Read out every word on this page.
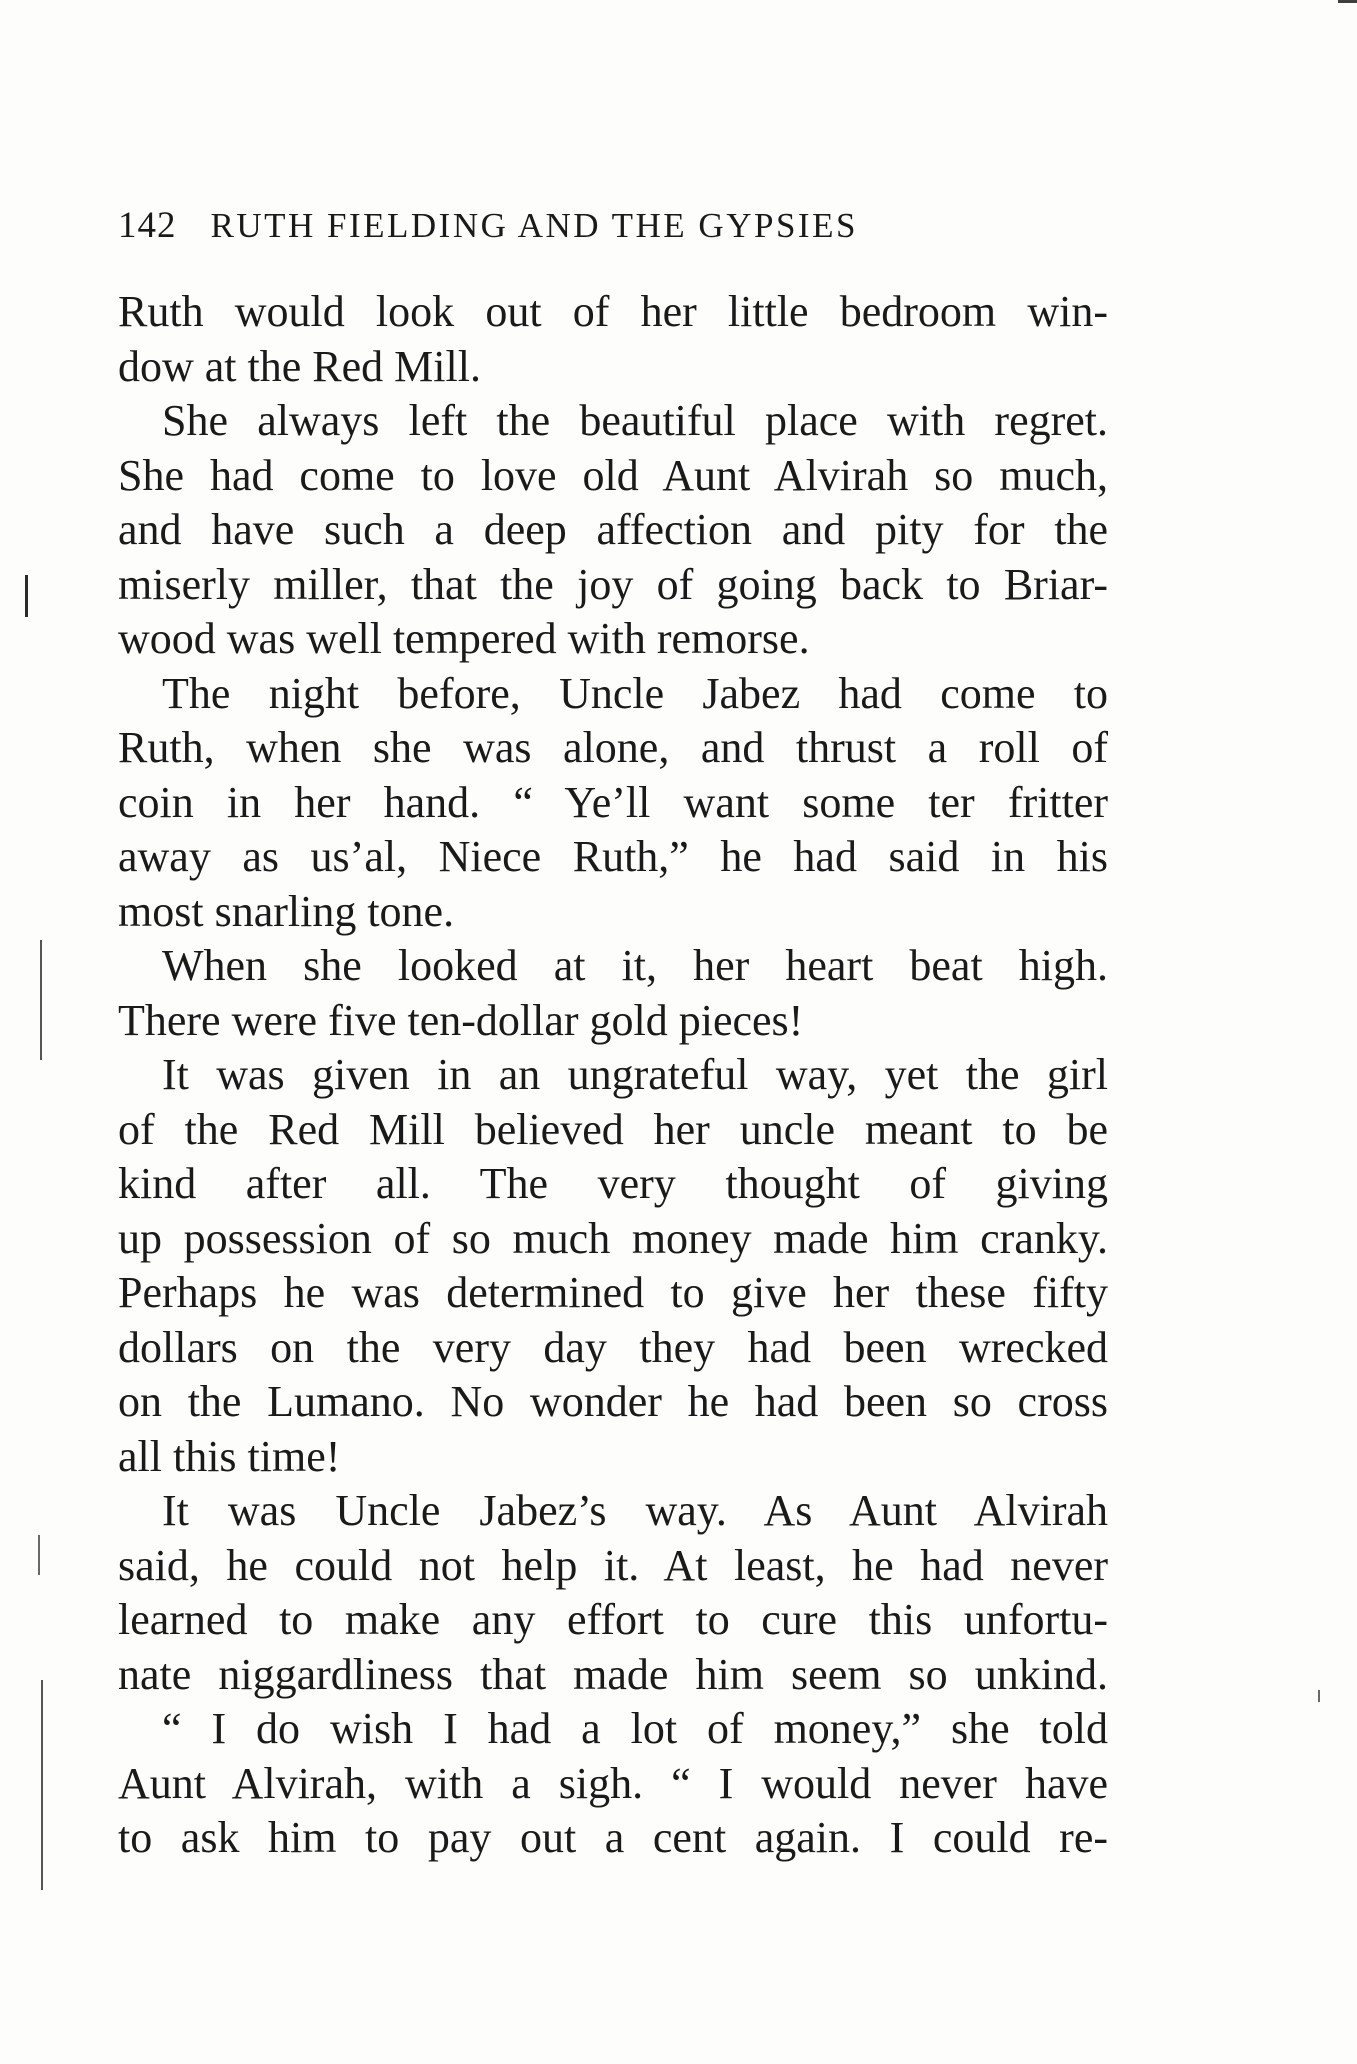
142 RUTH FIELDING AND THE GYPSIES
Ruth would look out of her little bedroom win-
dow at the Red Mill.
She always left the beautiful place with regret.
She had come to love old Aunt Alvirah so much,
and have such a deep affection and pity for the
miserly miller, that the joy of going back to Briar-
wood was well tempered with remorse.
The night before, Uncle Jabez had come to
Ruth, when she was alone, and thrust a roll of
coin in her hand. “ Ye’ll want some ter fritter
away as us’al, Niece Ruth,” he had said in his
most snarling tone.
When she looked at it, her heart beat high.
There were five ten-dollar gold pieces!
It was given in an ungrateful way, yet the girl
of the Red Mill believed her uncle meant to be
kind after all. The very thought of giving
up possession of so much money made him cranky.
Perhaps he was determined to give her these fifty
dollars on the very day they had been wrecked
on the Lumano. No wonder he had been so cross
all this time!
It was Uncle Jabez’s way. As Aunt Alvirah
said, he could not help it. At least, he had never
learned to make any effort to cure this unfortu-
nate niggardliness that made him seem so unkind.
“ I do wish I had a lot of money,” she told
Aunt Alvirah, with a sigh. “ I would never have
to ask him to pay out a cent again. I could re-
